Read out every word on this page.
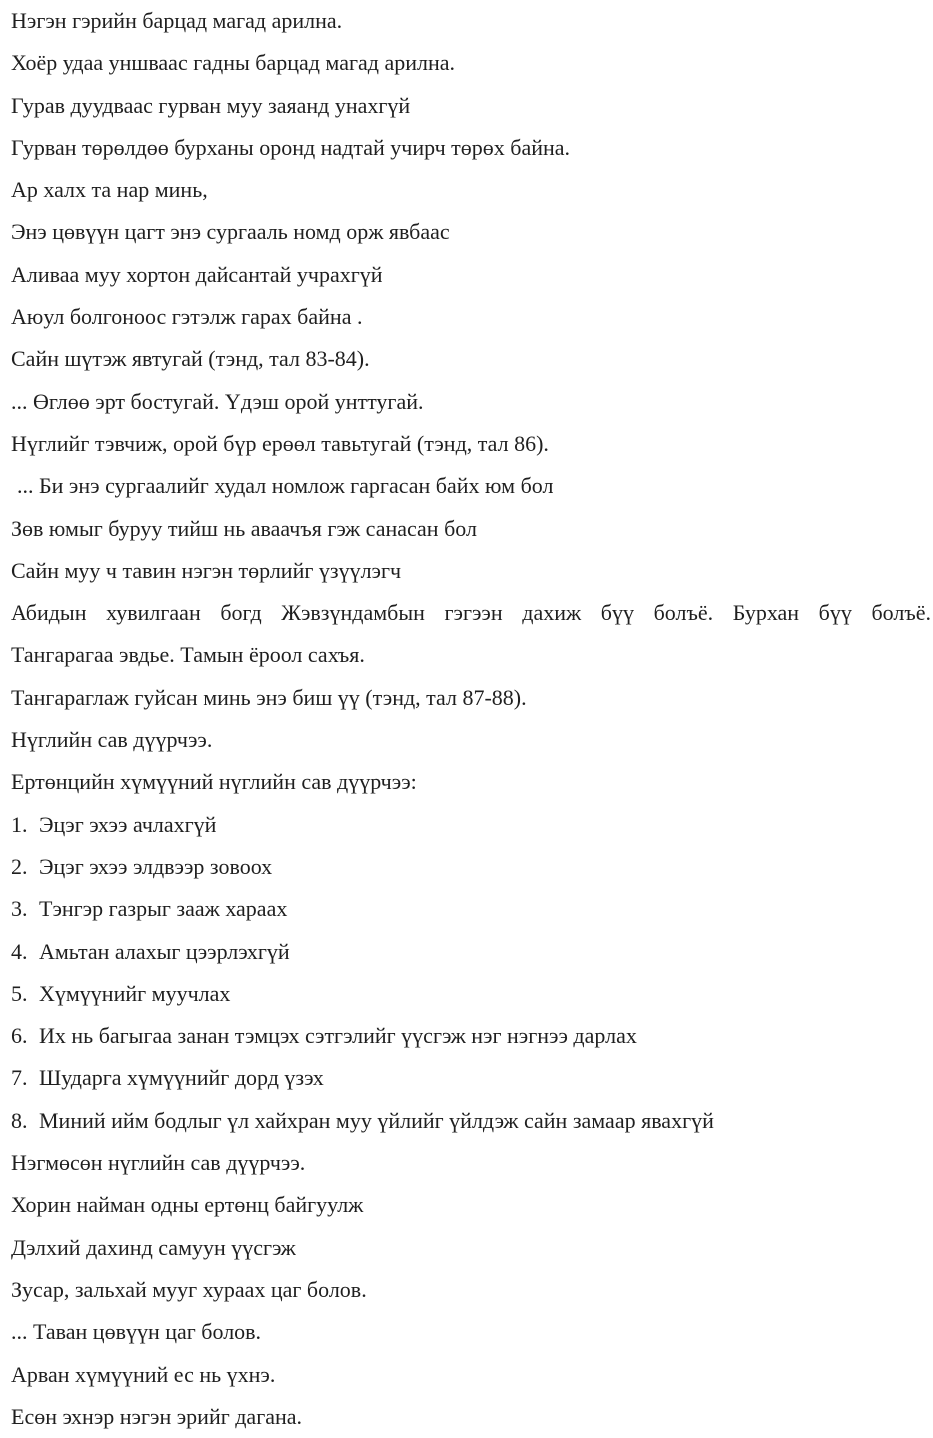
Нэгэн гэрийн барцад магад арилна.
Хоёр удаа уншваас гадны барцад магад арилна.
Гурав дуудваас гурван муу заяанд унахгүй
Гурван төрөлдөө бурханы оронд надтай учирч төрөх байна.
Ар халх та нар минь,
Энэ цөвүүн цагт энэ сургааль номд орж явбаас
Аливаа муу хортон дайсантай учрахгүй
Аюул болгоноос гэтэлж гарах байна .
Сайн шүтэж явтугай (тэнд, тал 83-84).
... Өглөө эрт бостугай. Үдэш орой унттугай.
Нүглийг тэвчиж, орой бүр ерөөл тавьтугай (тэнд, тал 86).
... Би энэ сургаалийг худал номлож гаргасан байх юм бол
Зөв юмыг буруу тийш нь аваачъя гэж санасан бол
Сайн муу ч тавин нэгэн төрлийг үзүүлэгч
Абидын хувилгаан богд Жэвзүндамбын гэгээн дахиж бүү болъё. Бурхан бүү болъё.
Тангарагаа эвдье. Тамын ёроол сахъя.
Тангараглаж гуйсан минь энэ биш үү (тэнд, тал 87-88).
Нүглийн сав дүүрчээ.
Ертөнцийн хүмүүний нүглийн сав дүүрчээ:
1. Эцэг эхээ ачлахгүй
2. Эцэг эхээ элдвээр зовоох
3. Тэнгэр газрыг зааж хараах
4. Амьтан алахыг цээрлэхгүй
5. Хүмүүнийг муучлах
6. Их нь багыгаа занан тэмцэх сэтгэлийг үүсгэж нэг нэгнээ дарлах
7. Шударга хүмүүнийг дорд үзэх
8. Миний ийм бодлыг үл хайхран муу үйлийг үйлдэж сайн замаар явахгүй
Нэгмөсөн нүглийн сав дүүрчээ.
Хорин найман одны ертөнц байгуулж
Дэлхий дахинд самуун үүсгэж
Зусар, зальхай мууг хураах цаг болов.
... Таван цөвүүн цаг болов.
Арван хүмүүний ес нь үхнэ.
Есөн эхнэр нэгэн эрийг дагана.
